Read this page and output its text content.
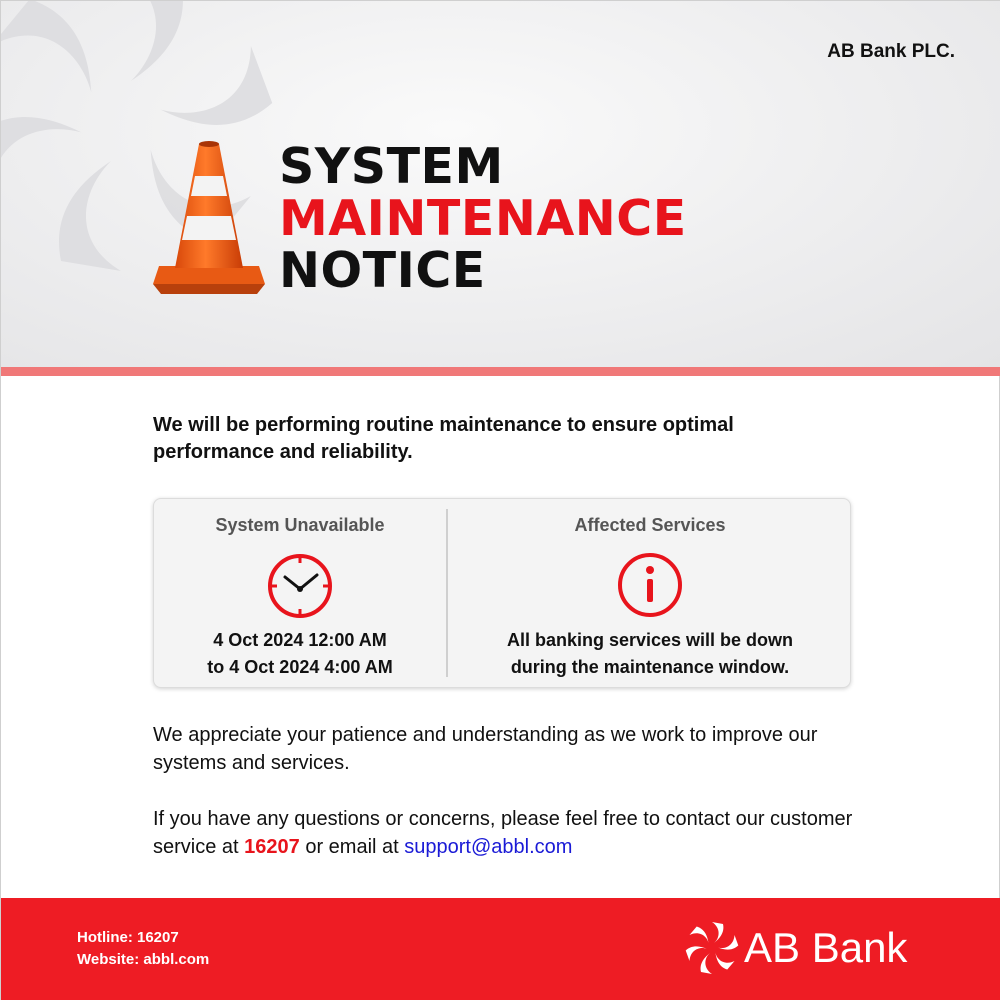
AB Bank PLC.
SYSTEM
MAINTENANCE
NOTICE
We will be performing routine maintenance to ensure optimal performance and reliability.
System Unavailable
4 Oct 2024 12:00 AM
to 4 Oct 2024 4:00 AM
Affected Services
All banking services will be down
during the maintenance window.
We appreciate your patience and understanding as we work to improve our systems and services.
If you have any questions or concerns, please feel free to contact our customer service at 16207 or email at support@abbl.com
Hotline: 16207
Website: abbl.com	AB Bank
